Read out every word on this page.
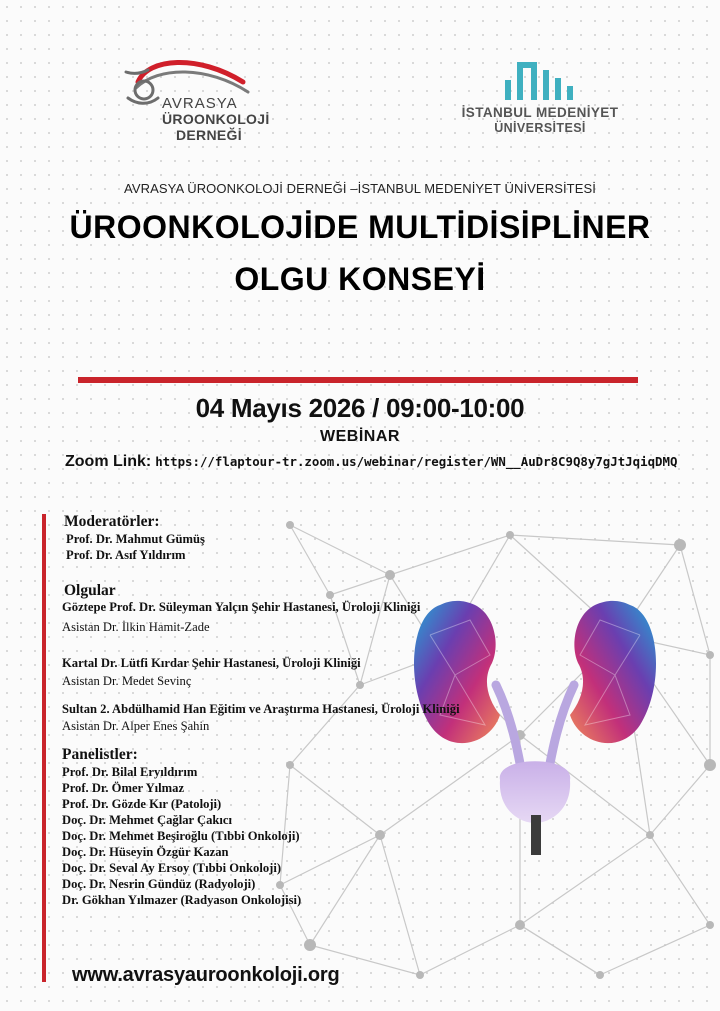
AVRASYA
ÜROONKOLOJİ
DERNEĞİ
İSTANBUL MEDENİYET
ÜNİVERSİTESİ
AVRASYA ÜROONKOLOJİ DERNEĞİ –İSTANBUL MEDENİYET ÜNİVERSİTESİ
ÜROONKOLOJİDE MULTİDİSİPLİNER
OLGU KONSEYİ
04 Mayıs 2026 / 09:00-10:00
WEBİNAR
Zoom Link: https://flaptour-tr.zoom.us/webinar/register/WN__AuDr8C9Q8y7gJtJqiqDMQ
Moderatörler:
Prof. Dr. Mahmut Gümüş
Prof. Dr. Asıf Yıldırım
Olgular
Göztepe Prof. Dr. Süleyman Yalçın Şehir Hastanesi, Üroloji Kliniği
Asistan Dr. İlkin Hamit-Zade
Kartal Dr. Lütfi Kırdar Şehir Hastanesi, Üroloji Kliniği
Asistan Dr. Medet Sevinç
Sultan 2. Abdülhamid Han Eğitim ve Araştırma Hastanesi, Üroloji Kliniği
Asistan Dr. Alper Enes Şahin
Panelistler:
Prof. Dr. Bilal Eryıldırım
Prof. Dr. Ömer Yılmaz
Prof. Dr. Gözde Kır (Patoloji)
Doç. Dr. Mehmet Çağlar Çakıcı
Doç. Dr. Mehmet Beşiroğlu (Tıbbi Onkoloji)
Doç. Dr. Hüseyin Özgür Kazan
Doç. Dr. Seval Ay Ersoy (Tıbbi Onkoloji)
Doç. Dr. Nesrin Gündüz (Radyoloji)
Dr. Gökhan Yılmazer (Radyason Onkolojisi)
www.avrasyauroonkoloji.org
